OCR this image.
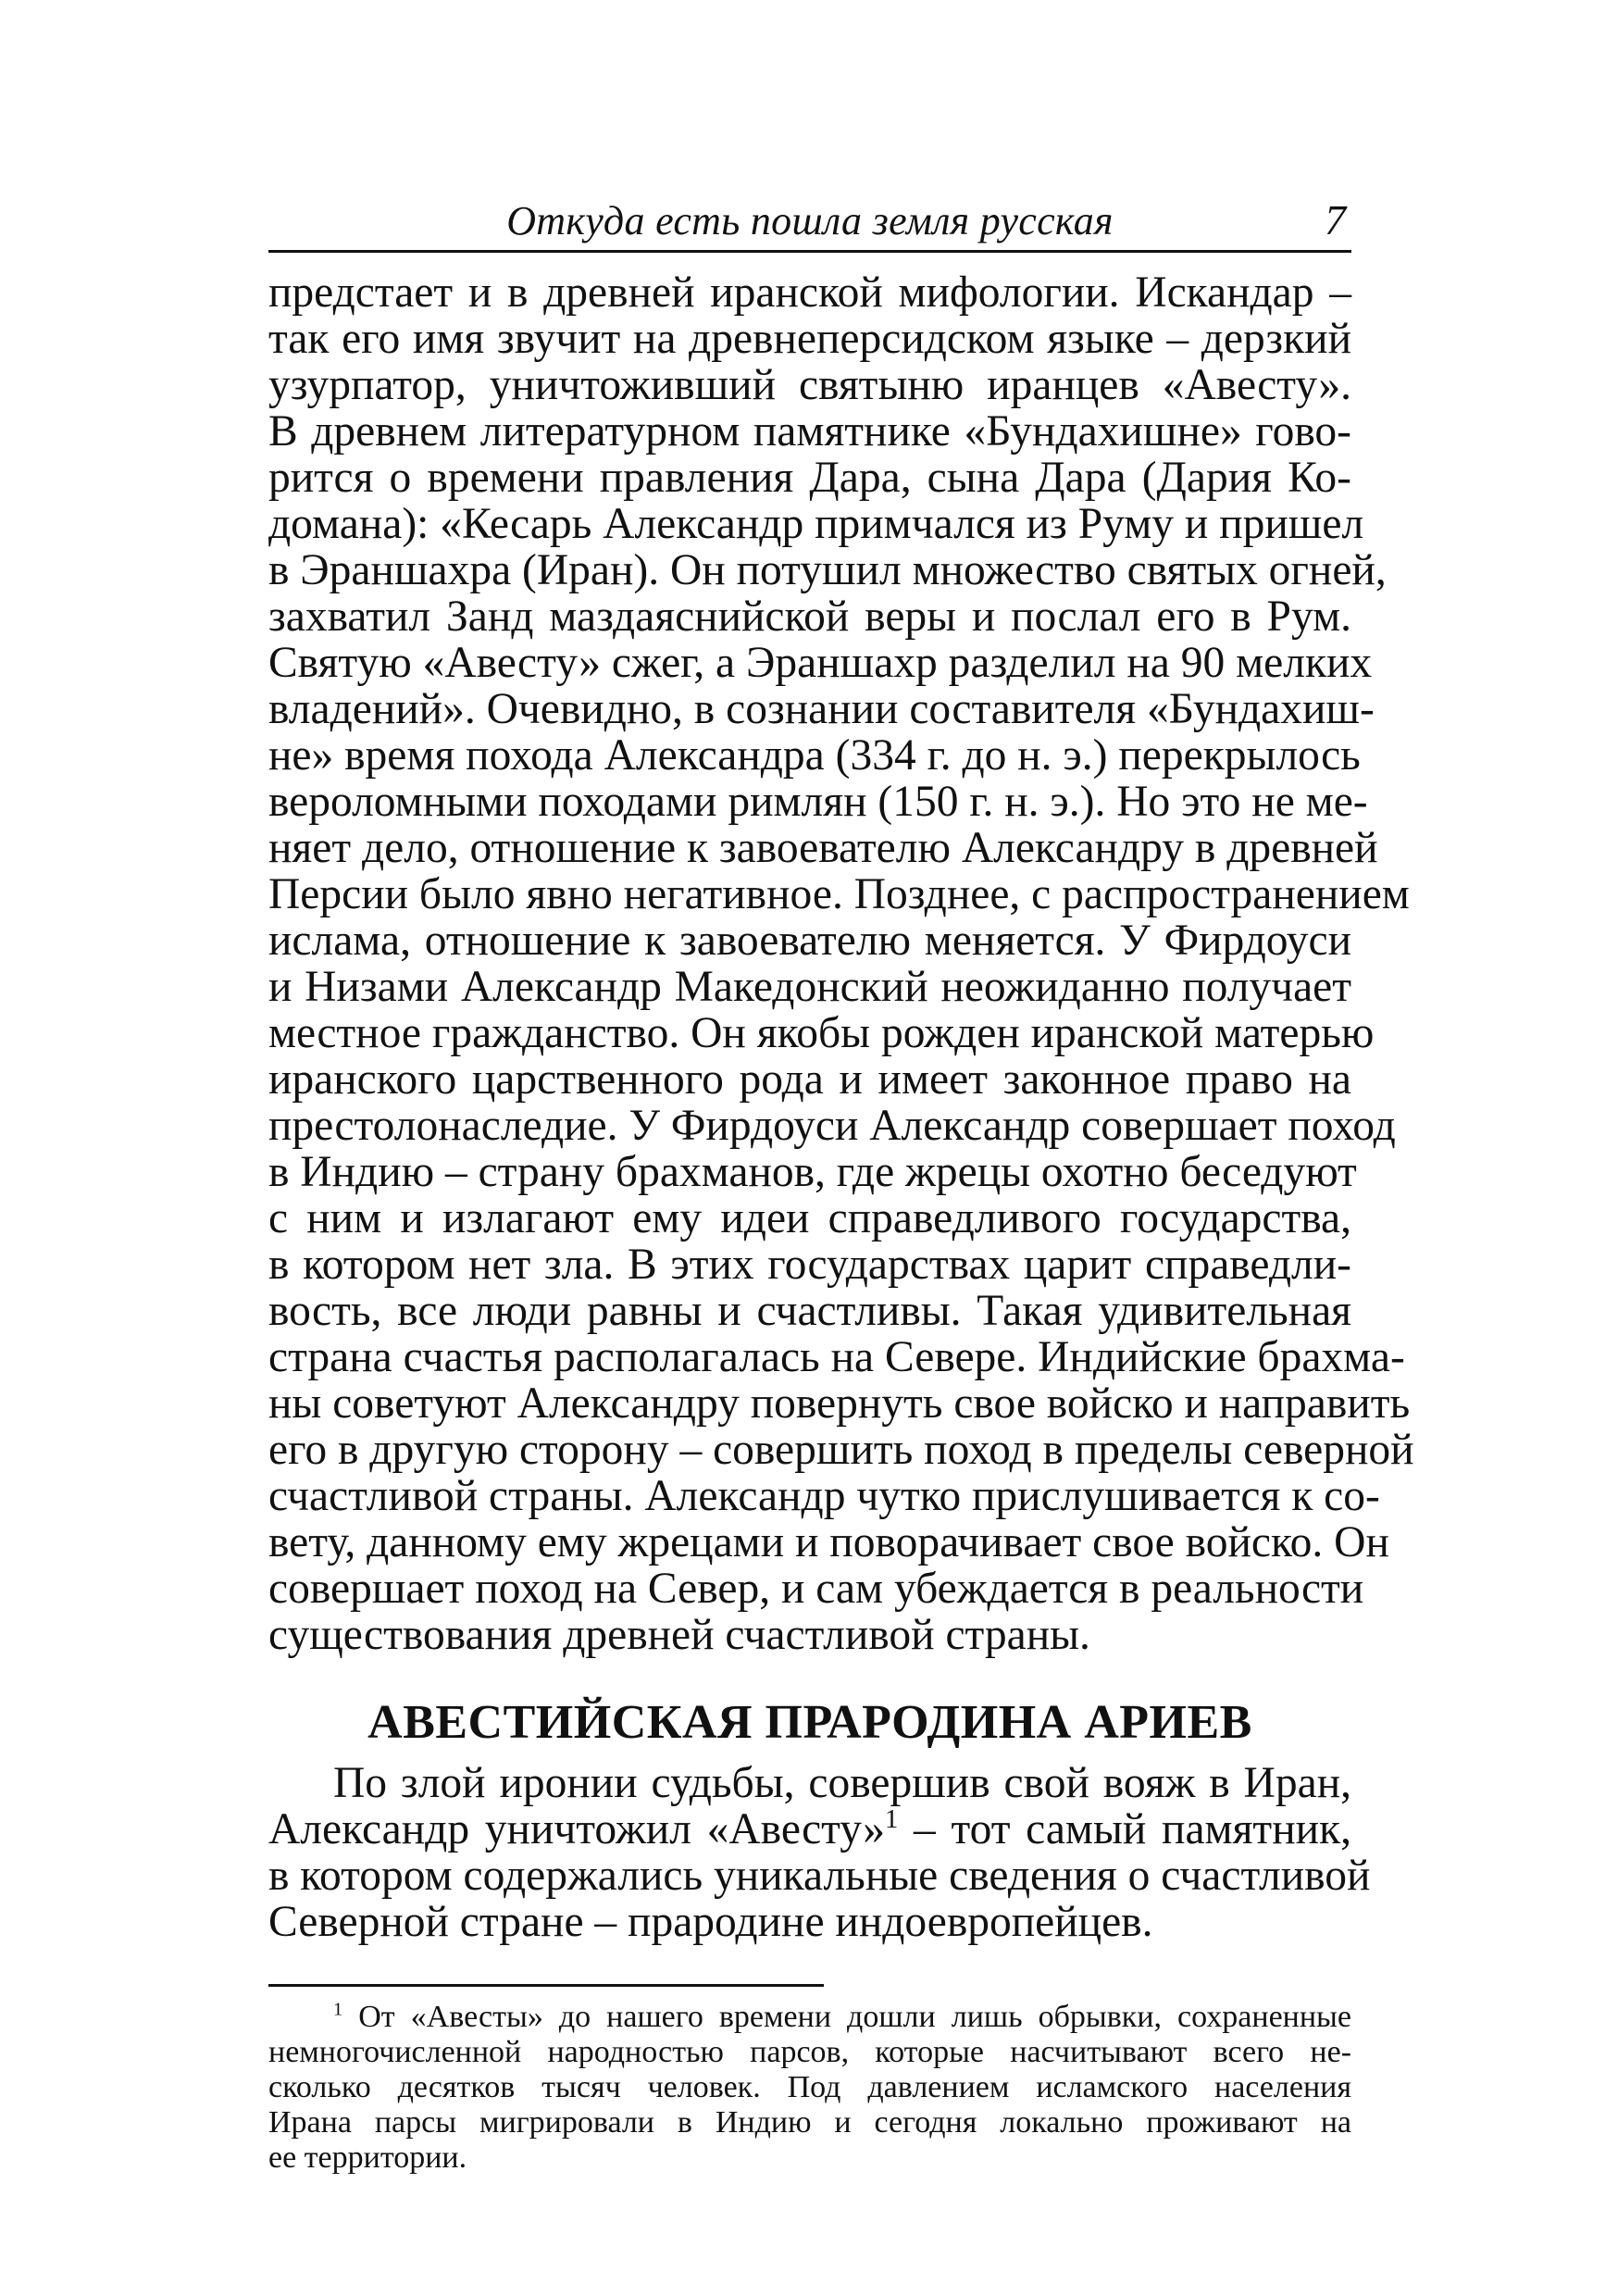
Откуда есть пошла земля русская	7
предстает и в древней иранской мифологии. Искандар –
так его имя звучит на древнеперсидском языке – дерзкий
узурпатор, уничтоживший святыню иранцев «Авесту».
В древнем литературном памятнике «Бундахишне» гово-
рится о времени правления Дара, сына Дара (Дария Ко-
домана): «Кесарь Александр примчался из Руму и пришел
в Эраншахра (Иран). Он потушил множество святых огней,
захватил Занд маздаяснийской веры и послал его в Рум.
Святую «Авесту» сжег, а Эраншахр разделил на 90 мелких
владений». Очевидно, в сознании составителя «Бундахиш-
не» время похода Александра (334 г. до н. э.) перекрылось
вероломными походами римлян (150 г. н. э.). Но это не ме-
няет дело, отношение к завоевателю Александру в древней
Персии было явно негативное. Позднее, с распространением
ислама, отношение к завоевателю меняется. У Фирдоуси
и Низами Александр Македонский неожиданно получает
местное гражданство. Он якобы рожден иранской матерью
иранского царственного рода и имеет законное право на
престолонаследие. У Фирдоуси Александр совершает поход
в Индию – страну брахманов, где жрецы охотно беседуют
с ним и излагают ему идеи справедливого государства,
в котором нет зла. В этих государствах царит справедли-
вость, все люди равны и счастливы. Такая удивительная
страна счастья располагалась на Севере. Индийские брахма-
ны советуют Александру повернуть свое войско и направить
его в другую сторону – совершить поход в пределы северной
счастливой страны. Александр чутко прислушивается к со-
вету, данному ему жрецами и поворачивает свое войско. Он
совершает поход на Север, и сам убеждается в реальности
существования древней счастливой страны.
АВЕСТИЙСКАЯ ПРАРОДИНА АРИЕВ
По злой иронии судьбы, совершив свой вояж в Иран,
Александр уничтожил «Авесту»$^1$ – тот самый памятник,
в котором содержались уникальные сведения о счастливой
Северной стране – прародине индоевропейцев.
$^1$ От «Авесты» до нашего времени дошли лишь обрывки, сохраненные
немногочисленной народностью парсов, которые насчитывают всего не-
сколько десятков тысяч человек. Под давлением исламского населения
Ирана парсы мигрировали в Индию и сегодня локально проживают на
ее территории.
